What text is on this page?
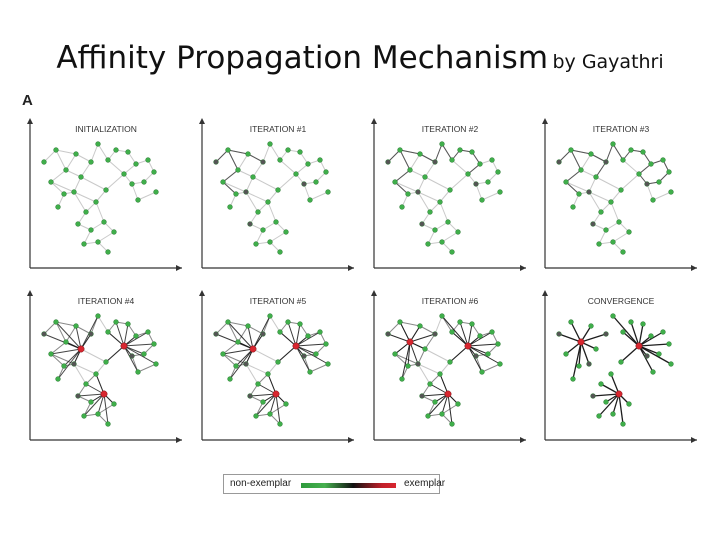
Affinity Propagation Mechanism by Gayathri
A
INITIALIZATION	ITERATION #1	ITERATION #2	ITERATION #3
ITERATION #4	ITERATION #5	ITERATION #6	CONVERGENCE
non-exemplar	exemplar
